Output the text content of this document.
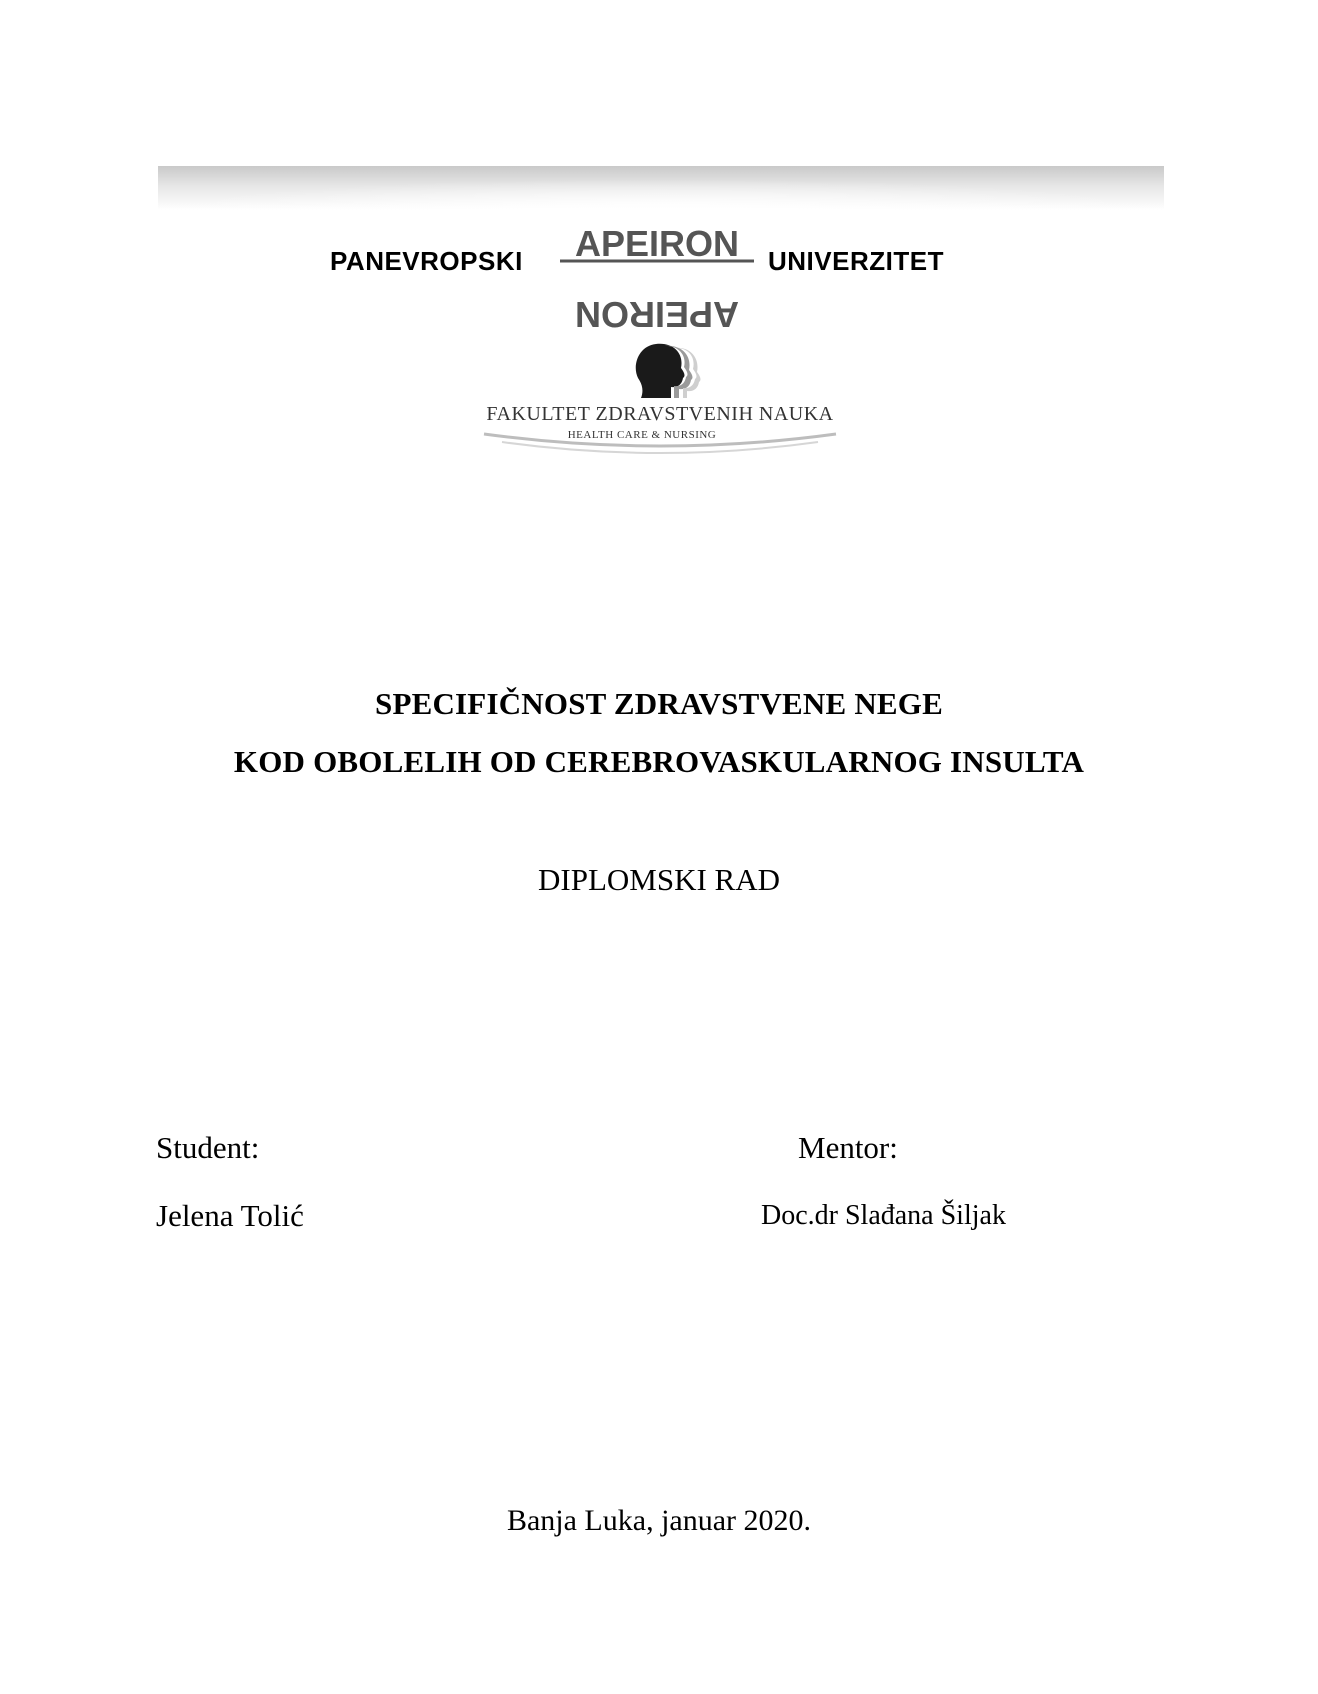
PANEVROPSKI APEIRON
APEIRON
UNIVERZITET
FAKULTET ZDRAVSTVENIH NAUKA
HEALTH CARE & NURSING
SPECIFIČNOST ZDRAVSTVENE NEGE
KOD OBOLELIH OD CEREBROVASKULARNOG INSULTA
DIPLOMSKI RAD
Student:
Jelena Tolić
Mentor:
Doc.dr Slađana Šiljak
Banja Luka, januar 2020.
